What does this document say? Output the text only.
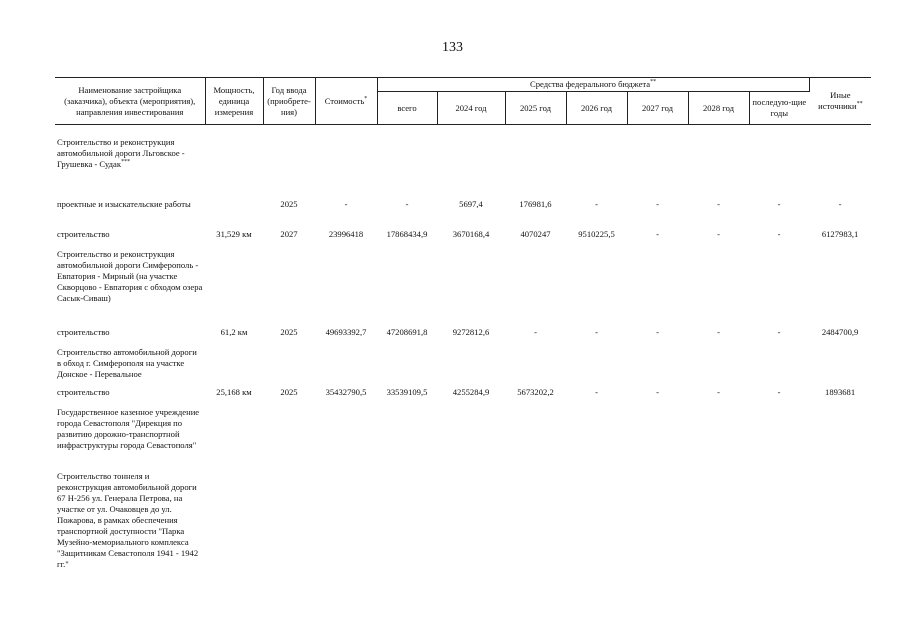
133
Наименование застройщика (заказчика), объекта (мероприятия), направления инвестирования	Мощность, единица измерения	Год ввода (приобрете-ния)	Стоимость*	Средства федерального бюджета**							Иные источники**
				всего	2024 год	2025 год	2026 год	2027 год	2028 год	последую-щие годы	
Строительство и реконструкция автомобильной дороги Льговское - Грушевка - Судак***											
проектные и изыскательские работы		2025	-	-	5697,4	176981,6	-	-	-	-	-
строительство	31,529 км	2027	23996418	17868434,9	3670168,4	4070247	9510225,5	-	-	-	6127983,1
Строительство и реконструкция автомобильной дороги Симферополь - Евпатория - Мирный (на участке Скворцово - Евпатория с обходом озера Сасык-Сиваш)											
строительство	61,2 км	2025	49693392,7	47208691,8	9272812,6	-	-	-	-	-	2484700,9
Строительство автомобильной дороги в обход г. Симферополя на участке Донское - Перевальное											
строительство	25,168 км	2025	35432790,5	33539109,5	4255284,9	5673202,2	-	-	-	-	1893681
Государственное казенное учреждение города Севастополя "Дирекция по развитию дорожно-транспортной инфраструктуры города Севастополя"											
Строительство тоннеля и реконструкция автомобильной дороги 67 Н-256 ул. Генерала Петрова, на участке от ул. Очаковцев до ул. Пожарова, в рамках обеспечения транспортной доступности "Парка Музейно-мемориального комплекса "Защитникам Севастополя 1941 - 1942 гг."											
